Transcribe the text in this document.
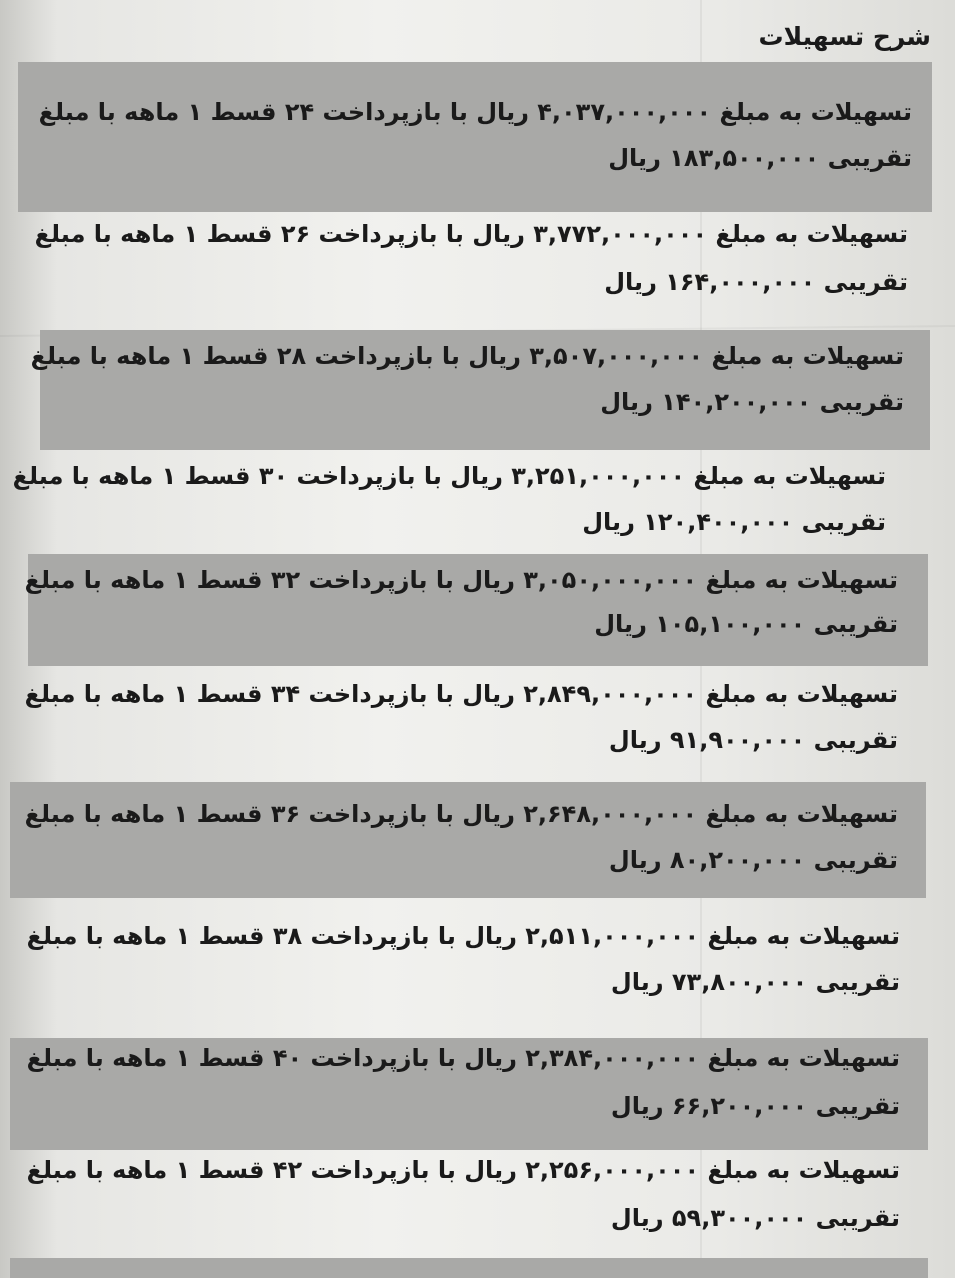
شرح تسهیلات
تسهیلات به مبلغ ۴,۰۳۷,۰۰۰,۰۰۰ ریال با بازپرداخت ۲۴ قسط ۱ ماهه با مبلغ
تقریبی ۱۸۳,۵۰۰,۰۰۰ ریال
تسهیلات به مبلغ ۳,۷۷۲,۰۰۰,۰۰۰ ریال با بازپرداخت ۲۶ قسط ۱ ماهه با مبلغ
تقریبی ۱۶۴,۰۰۰,۰۰۰ ریال
تسهیلات به مبلغ ۳,۵۰۷,۰۰۰,۰۰۰ ریال با بازپرداخت ۲۸ قسط ۱ ماهه با مبلغ
تقریبی ۱۴۰,۲۰۰,۰۰۰ ریال
تسهیلات به مبلغ ۳,۲۵۱,۰۰۰,۰۰۰ ریال با بازپرداخت ۳۰ قسط ۱ ماهه با مبلغ
تقریبی ۱۲۰,۴۰۰,۰۰۰ ریال
تسهیلات به مبلغ ۳,۰۵۰,۰۰۰,۰۰۰ ریال با بازپرداخت ۳۲ قسط ۱ ماهه با مبلغ
تقریبی ۱۰۵,۱۰۰,۰۰۰ ریال
تسهیلات به مبلغ ۲,۸۴۹,۰۰۰,۰۰۰ ریال با بازپرداخت ۳۴ قسط ۱ ماهه با مبلغ
تقریبی ۹۱,۹۰۰,۰۰۰ ریال
تسهیلات به مبلغ ۲,۶۴۸,۰۰۰,۰۰۰ ریال با بازپرداخت ۳۶ قسط ۱ ماهه با مبلغ
تقریبی ۸۰,۲۰۰,۰۰۰ ریال
تسهیلات به مبلغ ۲,۵۱۱,۰۰۰,۰۰۰ ریال با بازپرداخت ۳۸ قسط ۱ ماهه با مبلغ
تقریبی ۷۳,۸۰۰,۰۰۰ ریال
تسهیلات به مبلغ ۲,۳۸۴,۰۰۰,۰۰۰ ریال با بازپرداخت ۴۰ قسط ۱ ماهه با مبلغ
تقریبی ۶۶,۲۰۰,۰۰۰ ریال
تسهیلات به مبلغ ۲,۲۵۶,۰۰۰,۰۰۰ ریال با بازپرداخت ۴۲ قسط ۱ ماهه با مبلغ
تقریبی ۵۹,۳۰۰,۰۰۰ ریال
